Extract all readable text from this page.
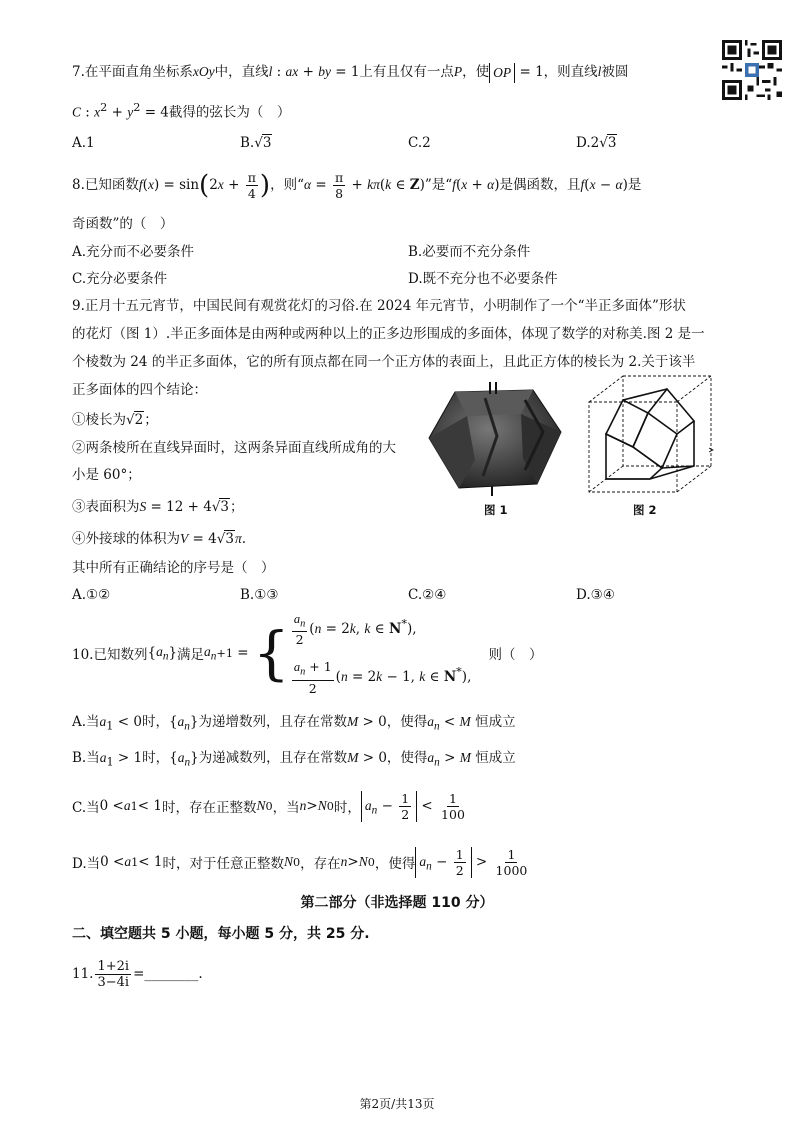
7.在平面直角坐标系xOy中，直线l : ax + by = 1上有且仅有一点P，使 OP = 1，则直线l被圆
C : $x^2 + y^2 = 4$截得的弦长为（　）
A.1	B.√3	C.2	D.2√3
8.已知函数$f(x) = \sin(2x + \frac{\pi}{4}$ )，则“$\alpha = \frac{\pi}{8} + k\pi(k$ ∈ Z)”是“f(x + α)是偶函数，且f(x − α)是
奇函数”的（　）
A.充分而不必要条件	B.必要而不充分条件
C.充分必要条件	D.既不充分也不必要条件
9.正月十五元宵节，中国民间有观赏花灯的习俗.在 2024 年元宵节，小明制作了一个“半正多面体”形状
的花灯（图 1）.半正多面体是由两种或两种以上的正多边形围成的多面体，体现了数学的对称美.图 2 是一
个棱数为 24 的半正多面体，它的所有顶点都在同一个正方体的表面上，且此正方体的棱长为 2.关于该半
正多面体的四个结论：
①棱长为√2；
②两条棱所在直线异面时，这两条异面直线所成角的大
小是 60°；
③表面积为S = 12 + 4√3；
④外接球的体积为V = 4√3π.
其中所有正确结论的序号是（　）
图 1	图 2
A.①②	B.①③	C.②④	D.③④
10.已知数列 { $a_n$ } 满足 $a_n +1$ = { $\frac{a_n}{2} (n = 2k$, k ∈ N*),
$\frac{a_n + 1}{2} (n = 2k - 1$, k ∈ N*),

则（　）
A.当$a_1 < 0$时，$\{a_n\}$为递增数列，且存在常数M > 0，使得$a_n < M$ 恒成立
B.当$a_1 > 1$时，$\{a_n\}$为递减数列，且存在常数M > 0，使得$a_n > M$ 恒成立
C.当 0 < a 1 < 1 时，存在正整数 N 0 ，当 n > N 0 时， $a_n - \frac{1}{2} < \frac{1}{100}$
D.当 0 < a 1 < 1 时，对于任意正整数 N 0 ，存在 n > N 0 ，使得 $a_n - \frac{1}{2} > \frac{1}{1000}$
第二部分（非选择题 110 分）
二、填空题共 5 小题，每小题 5 分，共 25 分.
11. $\frac{1+2i}{3-4i}$ =________.
第2页/共13页
